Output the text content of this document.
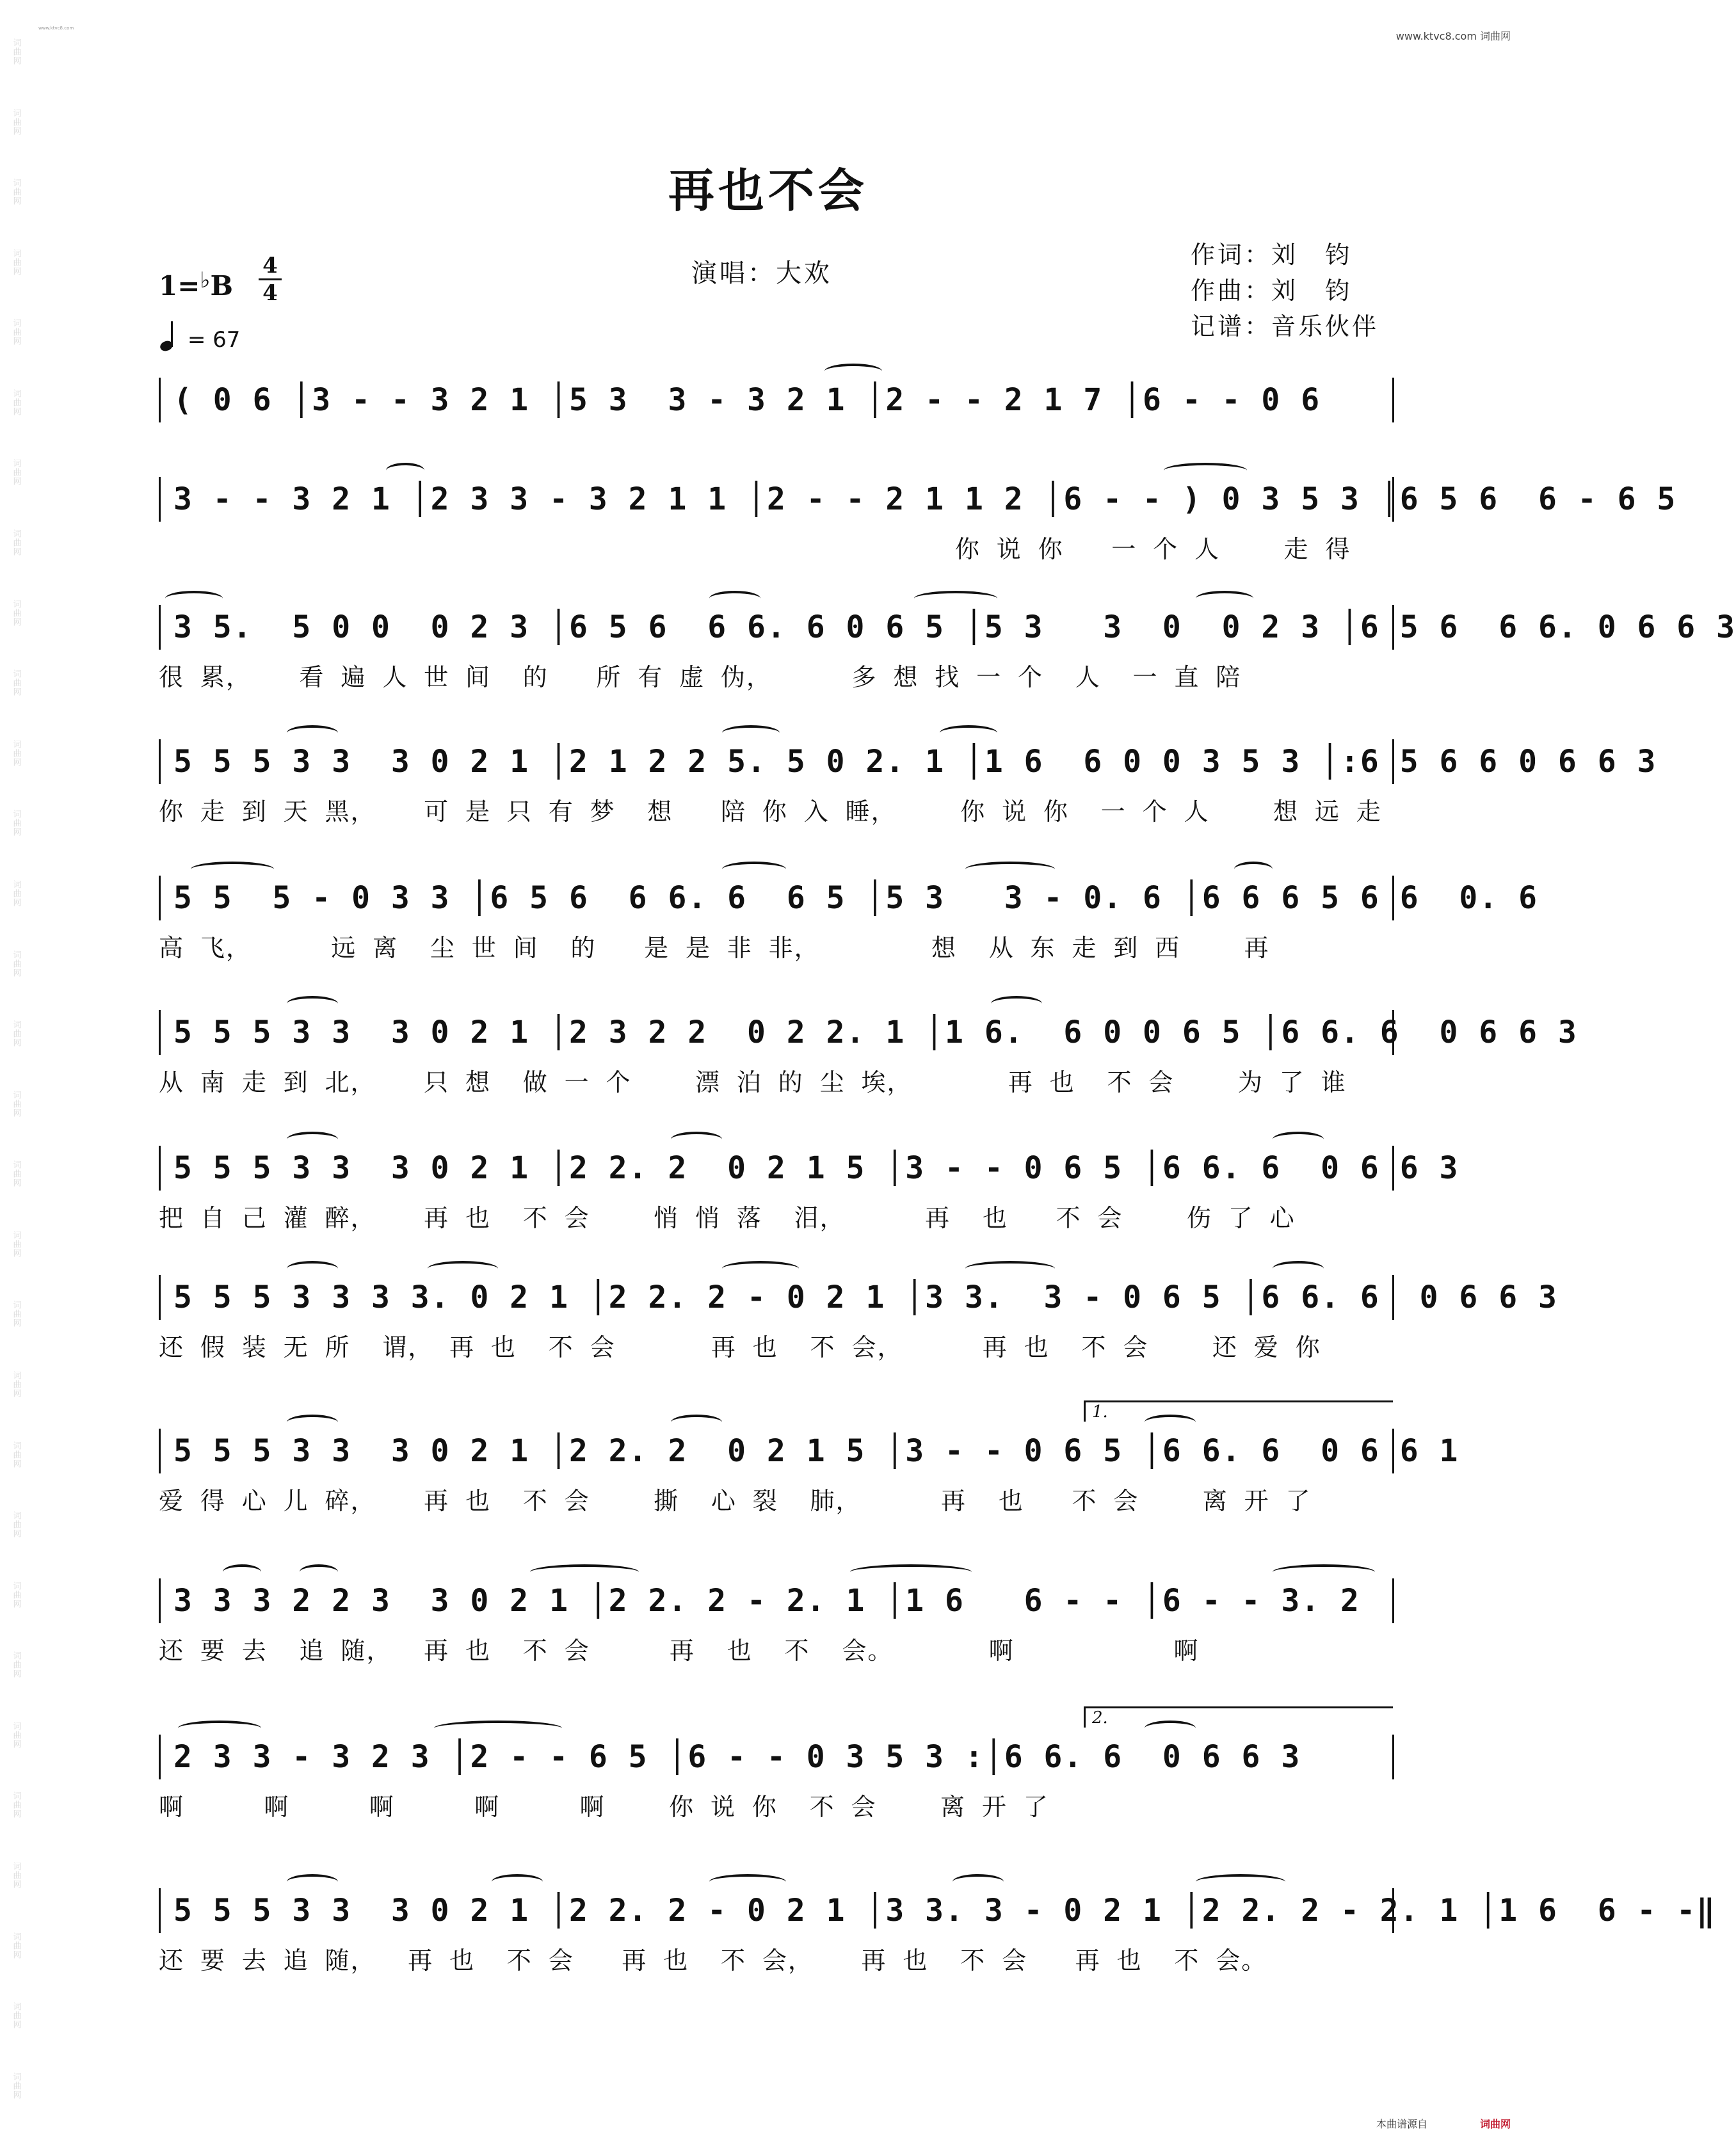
www.ktvc8.com
www.ktvc8.com 词曲网
词曲网
词曲网
词曲网
词曲网
词曲网
词曲网
词曲网
词曲网
词曲网
词曲网
词曲网
词曲网
词曲网
词曲网
词曲网
词曲网
词曲网
词曲网
词曲网
词曲网
词曲网
词曲网
词曲网
词曲网
词曲网
词曲网
词曲网
词曲网
词曲网
词曲网
再也不会
演唱：大欢
作词：刘　钧
作曲：刘　钧
记谱：音乐伙伴
1=♭B
4
4
= 67
( 0 6 │3 - - 3 2 1 │5 3  3 - 3 2 1 │2 - - 2 1 7 │6 - - 0 6
3 - - 3 2 1 │2 3 3 - 3 2 1 1 │2 - - 2 1 1 2 │6 - - ) 0 3 5 3 │6 5 6  6 - 6 5
你 说 你   一 个 人    走 得
3 5.  5 0 0  0 2 3 │6 5 6  6 6. 6 0 6 5 │5 3   3  0  0 2 3 │6 5 6  6 6. 0 6 6 3
很 累，   看 遍 人 世 间  的   所 有 虚 伪，     多 想 找 一 个  人  一 直 陪
5 5 5 3 3  3 0 2 1 │2 1 2 2 5. 5 0 2. 1 │1 6  6 0 0 3 5 3 │:6 5 6 6 0 6 6 3
你 走 到 天 黑，   可 是 只 有 梦  想   陪 你 入 睡，    你 说 你  一 个 人    想 远 走
5 5  5 - 0 3 3 │6 5 6  6 6. 6  6 5 │5 3   3 - 0. 6 │6 6 6 5 6 6  0. 6
高 飞，     远 离  尘 世 间  的   是 是 非 非，       想  从 东 走 到 西    再
5 5 5 3 3  3 0 2 1 │2 3 2 2  0 2 2. 1 │1 6.  6 0 0 6 5 │6 6. 6  0 6 6 3
从 南 走 到 北，   只 想  做 一 个    漂 泊 的 尘 埃，      再 也  不 会    为 了 谁
5 5 5 3 3  3 0 2 1 │2 2. 2  0 2 1 5 │3 - - 0 6 5 │6 6. 6  0 6 6 3
把 自 己 灌 醉，   再 也  不 会    悄 悄 落  泪，     再  也   不 会    伤 了 心
5 5 5 3 3 3 3. 0 2 1 │2 2. 2 - 0 2 1 │3 3.  3 - 0 6 5 │6 6. 6  0 6 6 3
还 假 装 无 所  谓， 再 也  不 会      再 也  不 会，     再 也  不 会    还 爱 你
1.
5 5 5 3 3  3 0 2 1 │2 2. 2  0 2 1 5 │3 - - 0 6 5 │6 6. 6  0 6 6 1
爱 得 心 儿 碎，   再 也  不 会    撕  心 裂  肺，     再  也   不 会    离 开 了
3 3 3 2 2 3  3 0 2 1 │2 2. 2 - 2. 1 │1 6   6 - - │6 - - 3. 2
还 要 去  追 随，  再 也  不 会     再  也  不  会。      啊          啊
2.
2 3 3 - 3 2 3 │2 - - 6 5 │6 - - 0 3 5 3 :│6 6. 6  0 6 6 3
啊     啊     啊     啊     啊    你 说 你  不 会    离 开 了
5 5 5 3 3  3 0 2 1 │2 2. 2 - 0 2 1 │3 3. 3 - 0 2 1 │2 2. 2 - 2. 1 │1 6  6 - -‖
还 要 去 追 随，  再 也  不 会   再 也  不 会，   再 也  不 会   再 也  不 会。
本曲谱源自	词曲网
